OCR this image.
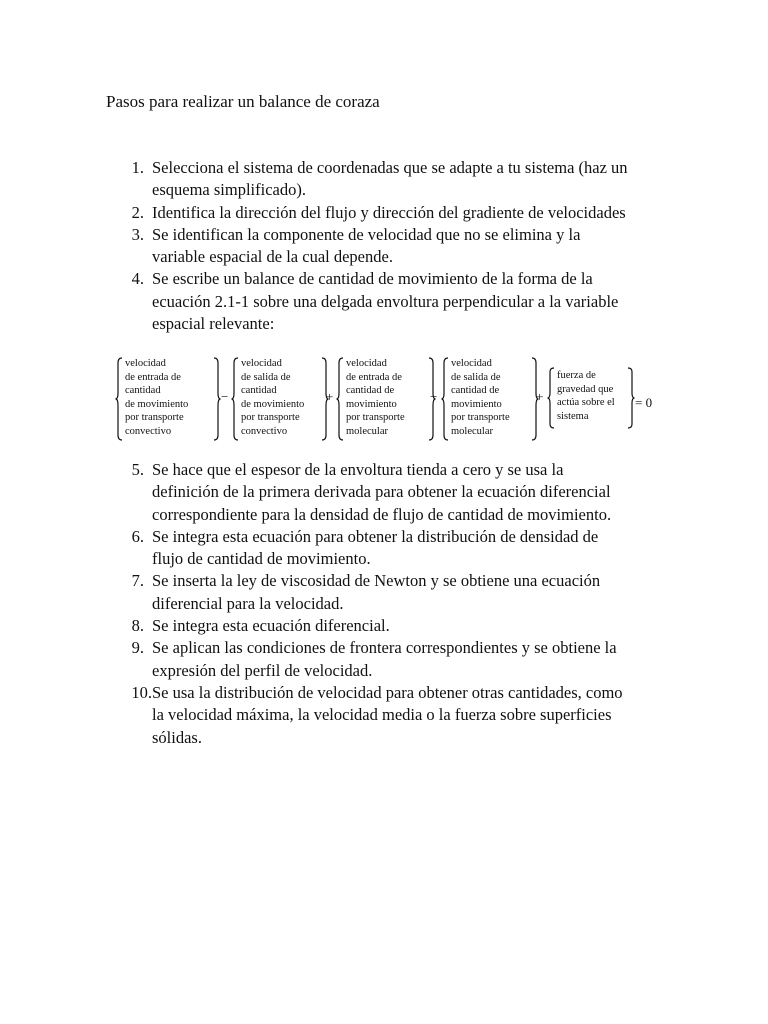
Pasos para realizar un balance de coraza
1. Selecciona el sistema de coordenadas que se adapte a tu sistema (haz un
esquema simplificado).
2. Identifica la dirección del flujo y dirección del gradiente de velocidades
3. Se identifican la componente de velocidad que no se elimina y la
variable espacial de la cual depende.
4. Se escribe un balance de cantidad de movimiento de la forma de la
ecuación 2.1-1 sobre una delgada envoltura perpendicular a la variable
espacial relevante:
velocidad
de entrada de
cantidad
de movimiento
por transporte
convectivo
−
velocidad
de salida de
cantidad
de movimiento
por transporte
convectivo
+
velocidad
de entrada de
cantidad de
movimiento
por transporte
molecular
−
velocidad
de salida de
cantidad de
movimiento
por transporte
molecular
+
fuerza de
gravedad que
actúa sobre el
sistema
= 0
5. Se hace que el espesor de la envoltura tienda a cero y se usa la
definición de la primera derivada para obtener la ecuación diferencial
correspondiente para la densidad de flujo de cantidad de movimiento.
6. Se integra esta ecuación para obtener la distribución de densidad de
flujo de cantidad de movimiento.
7. Se inserta la ley de viscosidad de Newton y se obtiene una ecuación
diferencial para la velocidad.
8. Se integra esta ecuación diferencial.
9. Se aplican las condiciones de frontera correspondientes y se obtiene la
expresión del perfil de velocidad.
10. Se usa la distribución de velocidad para obtener otras cantidades, como
la velocidad máxima, la velocidad media o la fuerza sobre superficies
sólidas.
